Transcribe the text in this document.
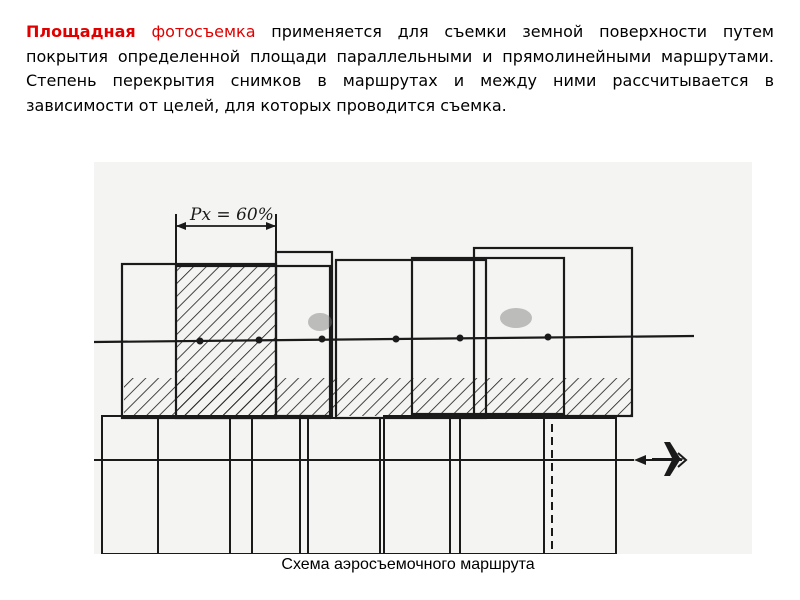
Площадная фотосъемка применяется для съемки земной поверхности путем покрытия определенной площади параллельными и прямолинейными маршрутами. Степень перекрытия снимков в маршрутах и между ними рассчитывается в зависимости от целей, для которых проводится съемка.

Px = 60%
Схема аэросъемочного маршрута
